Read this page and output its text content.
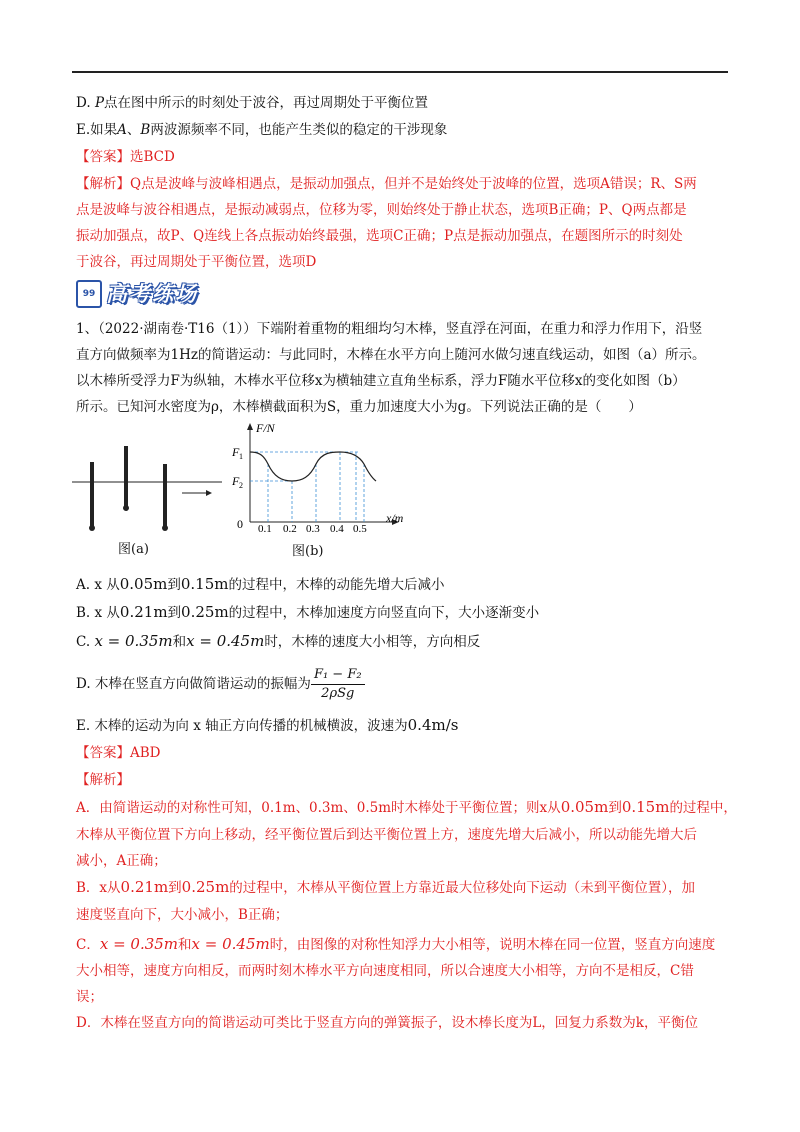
D. P点在图中所示的时刻处于波谷，再过周期处于平衡位置
E.如果A、B两波源频率不同，也能产生类似的稳定的干涉现象
【答案】选BCD
【解析】Q点是波峰与波峰相遇点，是振动加强点，但并不是始终处于波峰的位置，选项A错误；R、S两
点是波峰与波谷相遇点，是振动减弱点，位移为零，则始终处于静止状态，选项B正确；P、Q两点都是
振动加强点，故P、Q连线上各点振动始终最强，选项C正确；P点是振动加强点，在题图所示的时刻处
于波谷，再过周期处于平衡位置，选项D
99 高考练场
1、（2022·湖南卷·T16（1））下端附着重物的粗细均匀木棒，竖直浮在河面，在重力和浮力作用下，沿竖
直方向做频率为1Hz的简谐运动：与此同时，木棒在水平方向上随河水做匀速直线运动，如图（a）所示。
以木棒所受浮力F为纵轴，木棒水平位移x为横轴建立直角坐标系，浮力F随水平位移x的变化如图（b）
所示。已知河水密度为ρ，木棒横截面积为S，重力加速度大小为g。下列说法正确的是（　　）
图(a)
F/N
F 1
F 2
0 0.1 0.2 0.3 0.4 0.5
x/m
图(b)
A. x 从0.05m到0.15m的过程中，木棒的动能先增大后减小
B. x 从0.21m到0.25m的过程中，木棒加速度方向竖直向下，大小逐渐变小
C. x = 0.35m和x = 0.45m时，木棒的速度大小相等，方向相反
D. 木棒在竖直方向做简谐运动的振幅为 $\frac{\text{F₁ − F₂}}{\text{2ρSg}}$
E. 木棒的运动为向 x 轴正方向传播的机械横波，波速为0.4m/s
【答案】ABD
【解析】
A．由简谐运动的对称性可知，0.1m、0.3m、0.5m时木棒处于平衡位置；则x从0.05m到0.15m的过程中，
木棒从平衡位置下方向上移动，经平衡位置后到达平衡位置上方，速度先增大后减小，所以动能先增大后
减小，A正确；
B．x从0.21m到0.25m的过程中，木棒从平衡位置上方靠近最大位移处向下运动（未到平衡位置），加
速度竖直向下，大小减小，B正确；
C．x = 0.35m和x = 0.45m时，由图像的对称性知浮力大小相等，说明木棒在同一位置，竖直方向速度
大小相等，速度方向相反，而两时刻木棒水平方向速度相同，所以合速度大小相等，方向不是相反，C错
误；
D．木棒在竖直方向的简谐运动可类比于竖直方向的弹簧振子，设木棒长度为L，回复力系数为k，平衡位
